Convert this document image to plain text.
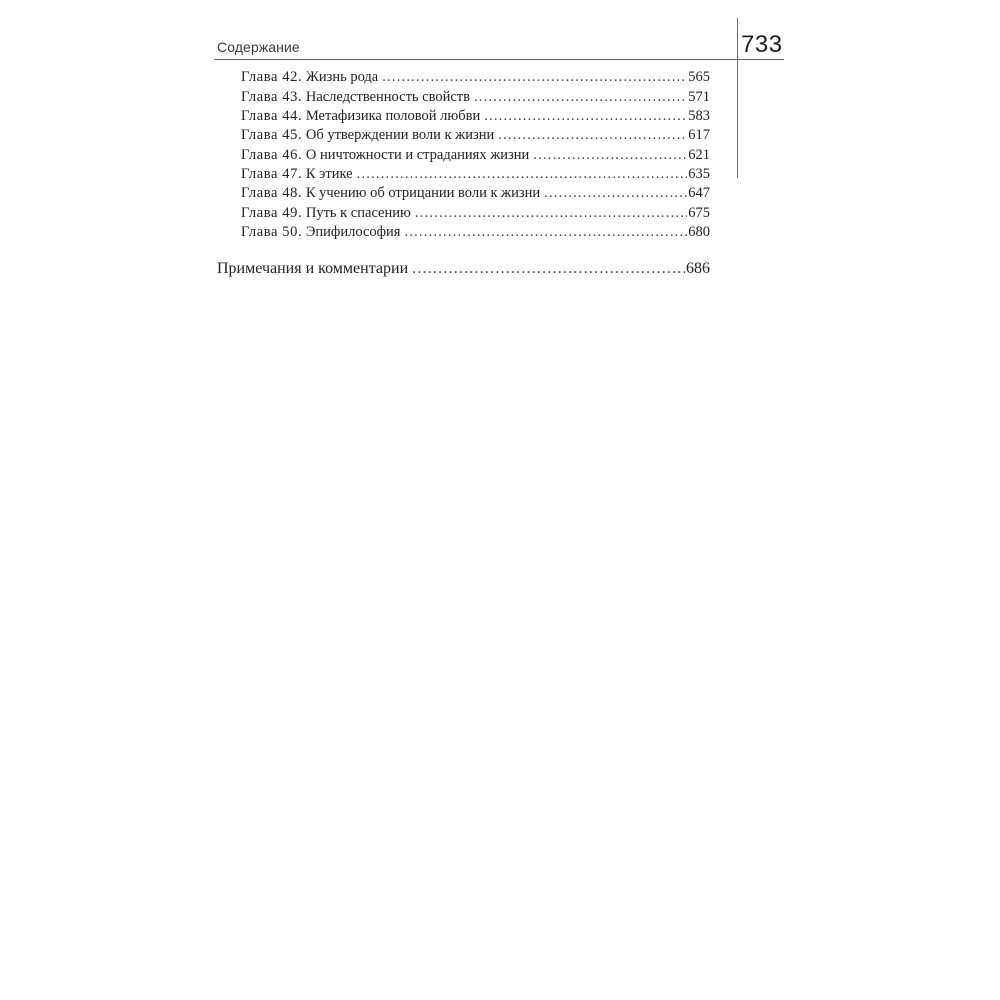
Содержание	733
Глава 42. Жизнь рода .....	565
Глава 43. Наследственность свойств .....	571
Глава 44. Метафизика половой любви .....	583
Глава 45. Об утверждении воли к жизни .....	617
Глава 46. О ничтожности и страданиях жизни .....	621
Глава 47. К этике .....	635
Глава 48. К учению об отрицании воли к жизни .....	647
Глава 49. Путь к спасению .....	675
Глава 50. Эпифилософия .....	680
Примечания и комментарии .....	686
